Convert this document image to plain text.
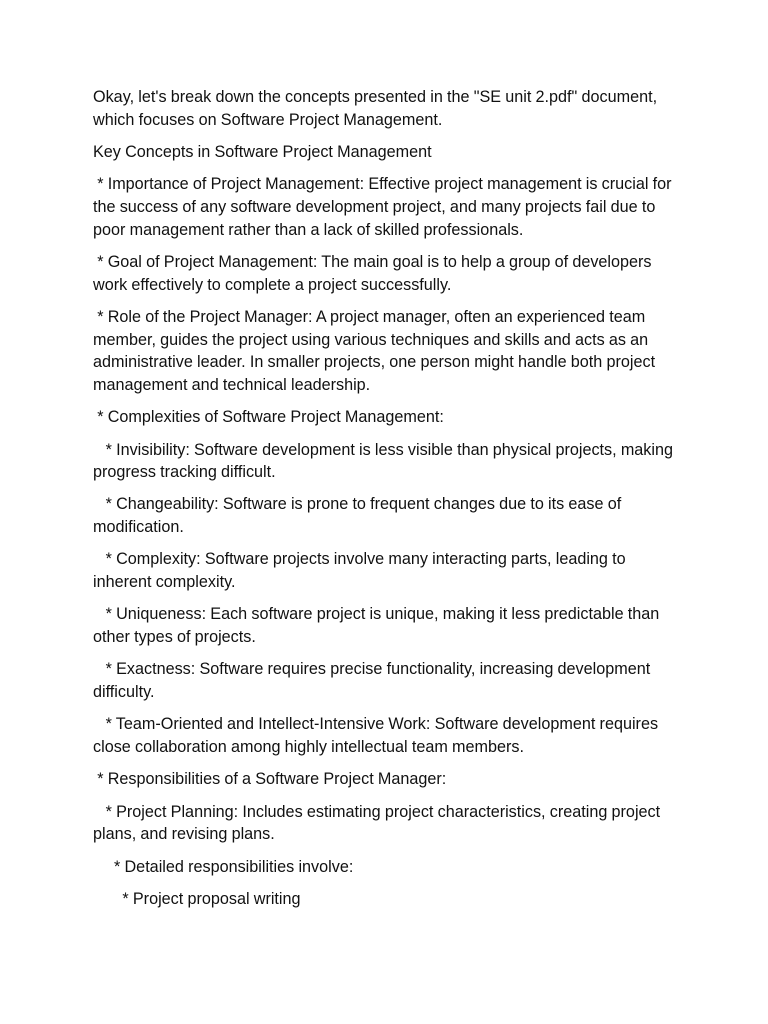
Okay, let's break down the concepts presented in the "SE unit 2.pdf" document, which focuses on Software Project Management.

Key Concepts in Software Project Management

* Importance of Project Management: Effective project management is crucial for the success of any software development project, and many projects fail due to poor management rather than a lack of skilled professionals.

* Goal of Project Management: The main goal is to help a group of developers work effectively to complete a project successfully.

* Role of the Project Manager: A project manager, often an experienced team member, guides the project using various techniques and skills and acts as an administrative leader. In smaller projects, one person might handle both project management and technical leadership.

* Complexities of Software Project Management:

* Invisibility: Software development is less visible than physical projects, making progress tracking difficult.

* Changeability: Software is prone to frequent changes due to its ease of modification.

* Complexity: Software projects involve many interacting parts, leading to inherent complexity.

* Uniqueness: Each software project is unique, making it less predictable than other types of projects.

* Exactness: Software requires precise functionality, increasing development difficulty.

* Team-Oriented and Intellect-Intensive Work: Software development requires close collaboration among highly intellectual team members.

* Responsibilities of a Software Project Manager:

* Project Planning: Includes estimating project characteristics, creating project plans, and revising plans.

* Detailed responsibilities involve:

* Project proposal writing
